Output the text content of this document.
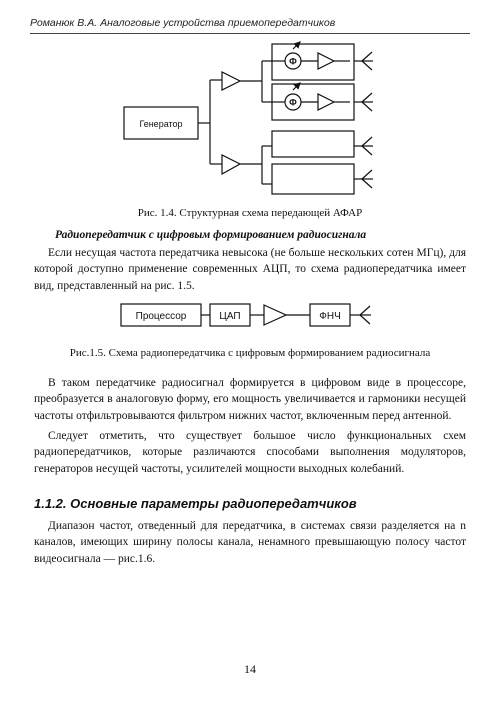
Романюк В.А. Аналоговые устройства приемопередатчиков
Генератор
Ф
Ф
Процессор	ЦАП	ФНЧ
Рис. 1.4. Структурная схема передающей АФАР
Радиопередатчик с цифровым формированием радиосигнала

Если несущая частота передатчика невысока (не больше нескольких сотен МГц), для которой доступно применение современных АЦП, то схема радиопередатчика имеет вид, представленный на рис. 1.5.

Рис.1.5. Схема радиопередатчика с цифровым формированием радиосигнала

В таком передатчике радиосигнал формируется в цифровом виде в процессоре, преобразуется в аналоговую форму, его мощность увеличивается и гармоники несущей частоты отфильтровываются фильтром нижних частот, включенным перед антенной.

Следует отметить, что существует большое число функциональных схем радиопередатчиков, которые различаются способами выполнения модуляторов, генераторов несущей частоты, усилителей мощности выходных колебаний.

1.1.2. Основные параметры радиопередатчиков

Диапазон частот, отведенный для передатчика, в системах связи разделяется на n каналов, имеющих ширину полосы канала, ненамного превышающую полосу частот видеосигнала — рис.1.6.

14
